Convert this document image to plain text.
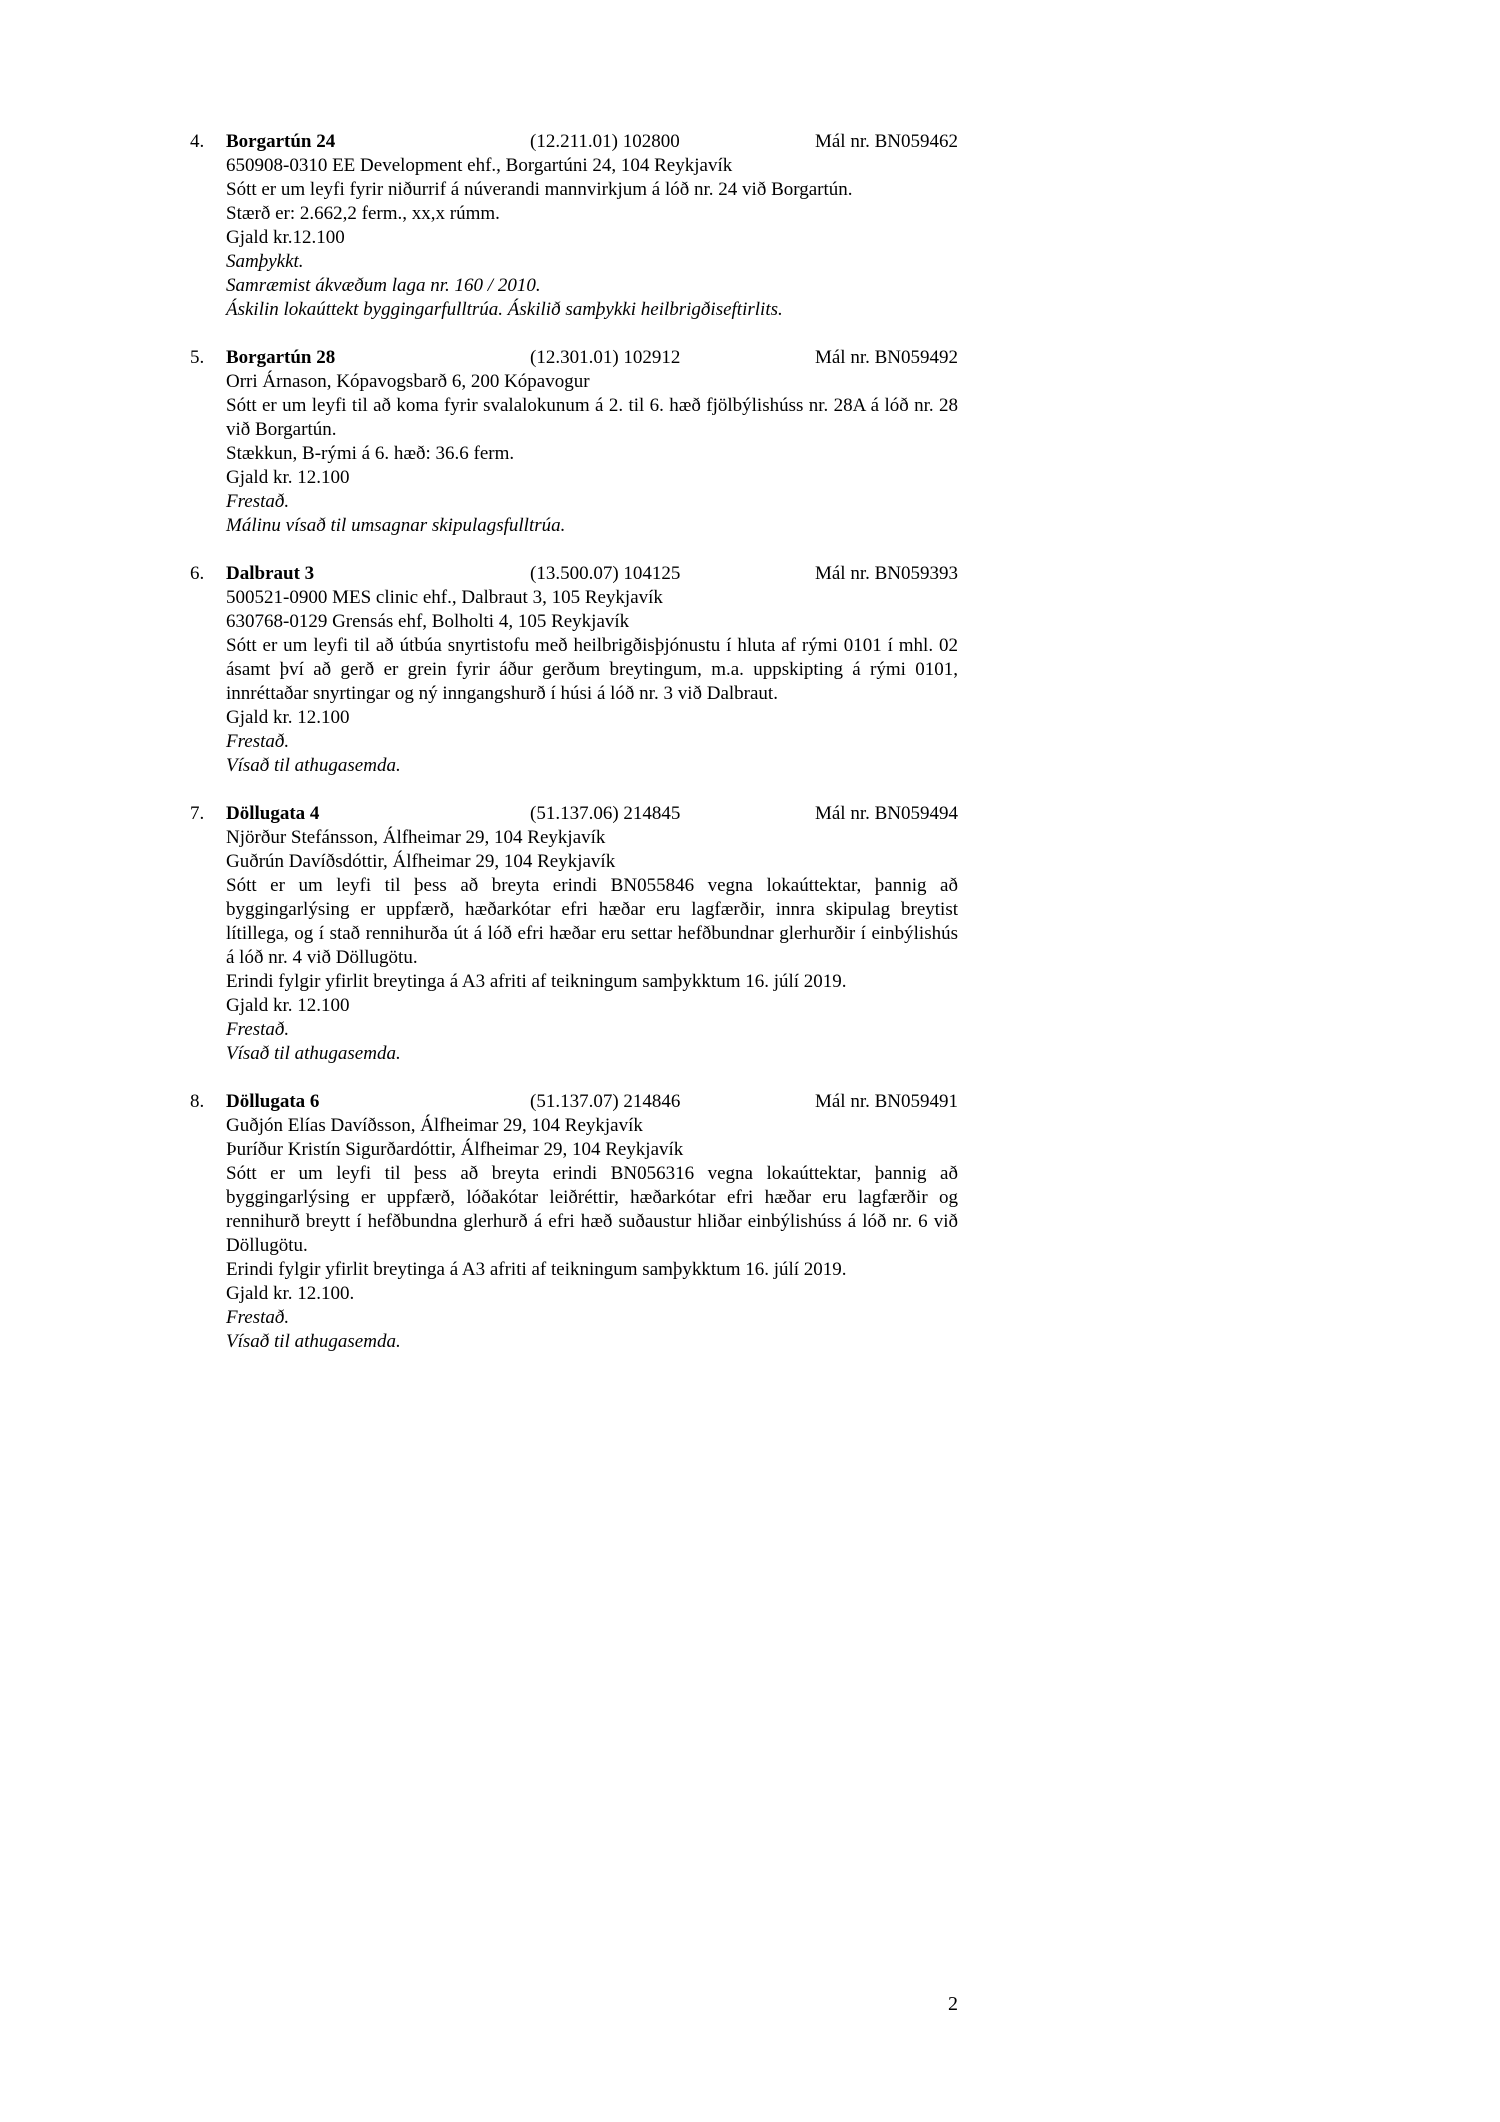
4.	Borgartún 24	(12.211.01) 102800	Mál nr. BN059462

650908-0310 EE Development ehf., Borgartúni 24, 104 Reykjavík

Sótt er um leyfi fyrir niðurrif á núverandi mannvirkjum á lóð nr. 24 við Borgartún.

Stærð er: 2.662,2 ferm., xx,x rúmm.

Gjald kr.12.100

Samþykkt.

Samræmist ákvæðum laga nr. 160 / 2010.

Áskilin lokaúttekt byggingarfulltrúa. Áskilið samþykki heilbrigðiseftirlits.

5.	Borgartún 28	(12.301.01) 102912	Mál nr. BN059492

Orri Árnason, Kópavogsbarð 6, 200 Kópavogur

Sótt er um leyfi til að koma fyrir svalalokunum á 2. til 6. hæð fjölbýlishúss nr. 28A á lóð nr. 28 við Borgartún.

Stækkun, B-rými á 6. hæð: 36.6 ferm.

Gjald kr. 12.100

Frestað.

Málinu vísað til umsagnar skipulagsfulltrúa.

6.	Dalbraut 3	(13.500.07) 104125	Mál nr. BN059393

500521-0900 MES clinic ehf., Dalbraut 3, 105 Reykjavík

630768-0129 Grensás ehf, Bolholti 4, 105 Reykjavík

Sótt er um leyfi til að útbúa snyrtistofu með heilbrigðisþjónustu í hluta af rými 0101 í mhl. 02 ásamt því að gerð er grein fyrir áður gerðum breytingum, m.a. uppskipting á rými 0101, innréttaðar snyrtingar og ný inngangshurð í húsi á lóð nr. 3 við Dalbraut.

Gjald kr. 12.100

Frestað.

Vísað til athugasemda.

7.	Döllugata 4	(51.137.06) 214845	Mál nr. BN059494

Njörður Stefánsson, Álfheimar 29, 104 Reykjavík

Guðrún Davíðsdóttir, Álfheimar 29, 104 Reykjavík

Sótt er um leyfi til þess að breyta erindi BN055846 vegna lokaúttektar, þannig að byggingarlýsing er uppfærð, hæðarkótar efri hæðar eru lagfærðir, innra skipulag breytist lítillega, og í stað rennihurða út á lóð efri hæðar eru settar hefðbundnar glerhurðir í einbýlishús á lóð nr. 4 við Döllugötu.

Erindi fylgir yfirlit breytinga á A3 afriti af teikningum samþykktum 16. júlí 2019.

Gjald kr. 12.100

Frestað.

Vísað til athugasemda.

8.	Döllugata 6	(51.137.07) 214846	Mál nr. BN059491

Guðjón Elías Davíðsson, Álfheimar 29, 104 Reykjavík

Þuríður Kristín Sigurðardóttir, Álfheimar 29, 104 Reykjavík

Sótt er um leyfi til þess að breyta erindi BN056316 vegna lokaúttektar, þannig að byggingarlýsing er uppfærð, lóðakótar leiðréttir, hæðarkótar efri hæðar eru lagfærðir og rennihurð breytt í hefðbundna glerhurð á efri hæð suðaustur hliðar einbýlishúss á lóð nr. 6 við Döllugötu.

Erindi fylgir yfirlit breytinga á A3 afriti af teikningum samþykktum 16. júlí 2019.

Gjald kr. 12.100.

Frestað.

Vísað til athugasemda.

2
